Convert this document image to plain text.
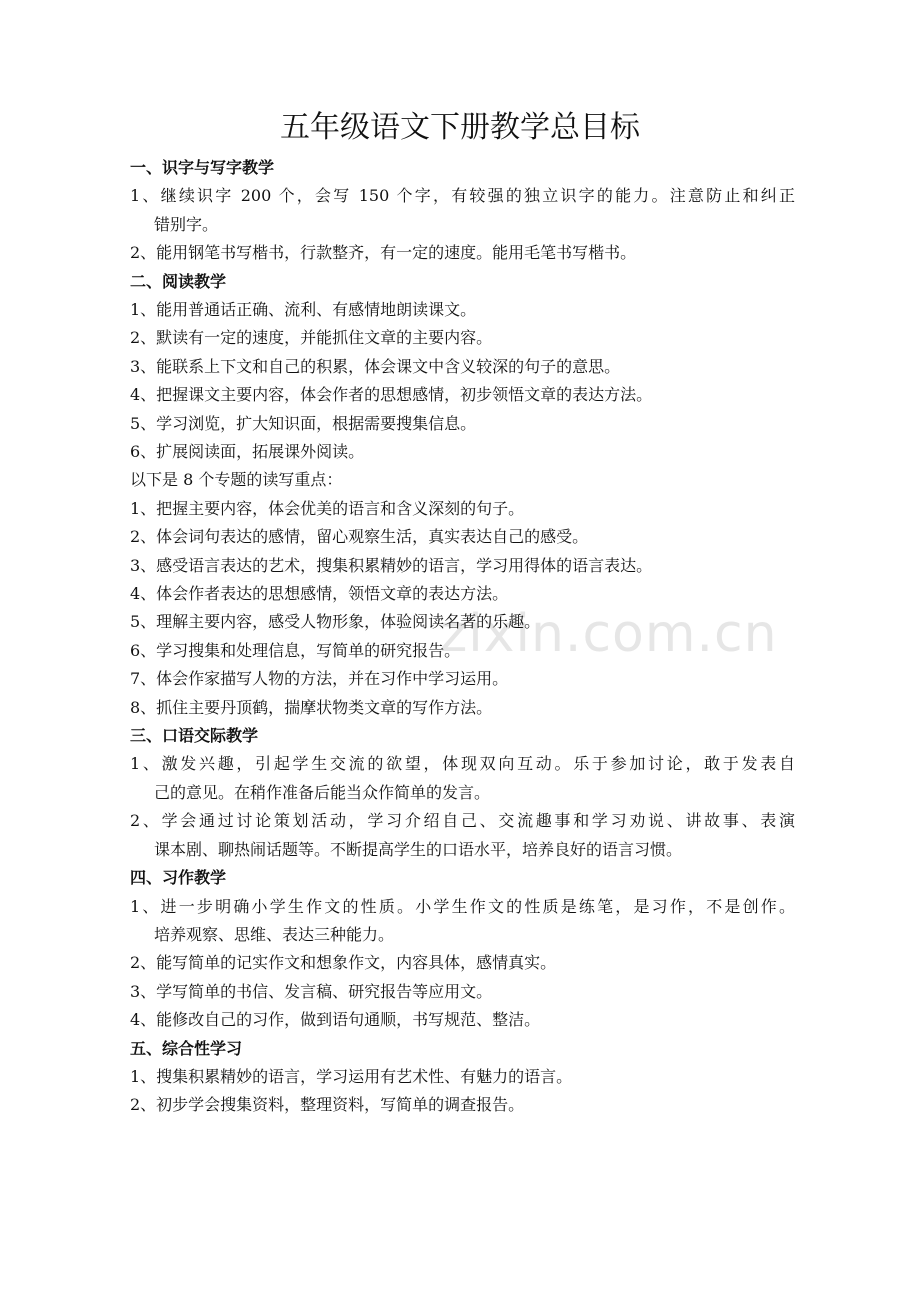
zixin.com.cn
五年级语文下册教学总目标
一、识字与写字教学
1、继续识字 200 个，会写 150 个字，有较强的独立识字的能力。注意防止和纠正
错别字。
2、能用钢笔书写楷书，行款整齐，有一定的速度。能用毛笔书写楷书。
二、阅读教学
1、能用普通话正确、流利、有感情地朗读课文。
2、默读有一定的速度，并能抓住文章的主要内容。
3、能联系上下文和自己的积累，体会课文中含义较深的句子的意思。
4、把握课文主要内容，体会作者的思想感情，初步领悟文章的表达方法。
5、学习浏览，扩大知识面，根据需要搜集信息。
6、扩展阅读面，拓展课外阅读。
以下是 8 个专题的读写重点：
1、把握主要内容，体会优美的语言和含义深刻的句子。
2、体会词句表达的感情，留心观察生活，真实表达自己的感受。
3、感受语言表达的艺术，搜集积累精妙的语言，学习用得体的语言表达。
4、体会作者表达的思想感情，领悟文章的表达方法。
5、理解主要内容，感受人物形象，体验阅读名著的乐趣。
6、学习搜集和处理信息，写简单的研究报告。
7、体会作家描写人物的方法，并在习作中学习运用。
8、抓住主要丹顶鹤，揣摩状物类文章的写作方法。
三、口语交际教学
1、激发兴趣，引起学生交流的欲望，体现双向互动。乐于参加讨论，敢于发表自
己的意见。在稍作准备后能当众作简单的发言。
2、学会通过讨论策划活动，学习介绍自己、交流趣事和学习劝说、讲故事、表演
课本剧、聊热闹话题等。不断提高学生的口语水平，培养良好的语言习惯。
四、习作教学
1、进一步明确小学生作文的性质。小学生作文的性质是练笔，是习作，不是创作。
培养观察、思维、表达三种能力。
2、能写简单的记实作文和想象作文，内容具体，感情真实。
3、学写简单的书信、发言稿、研究报告等应用文。
4、能修改自己的习作，做到语句通顺，书写规范、整洁。
五、综合性学习
1、搜集积累精妙的语言，学习运用有艺术性、有魅力的语言。
2、初步学会搜集资料，整理资料，写简单的调查报告。
